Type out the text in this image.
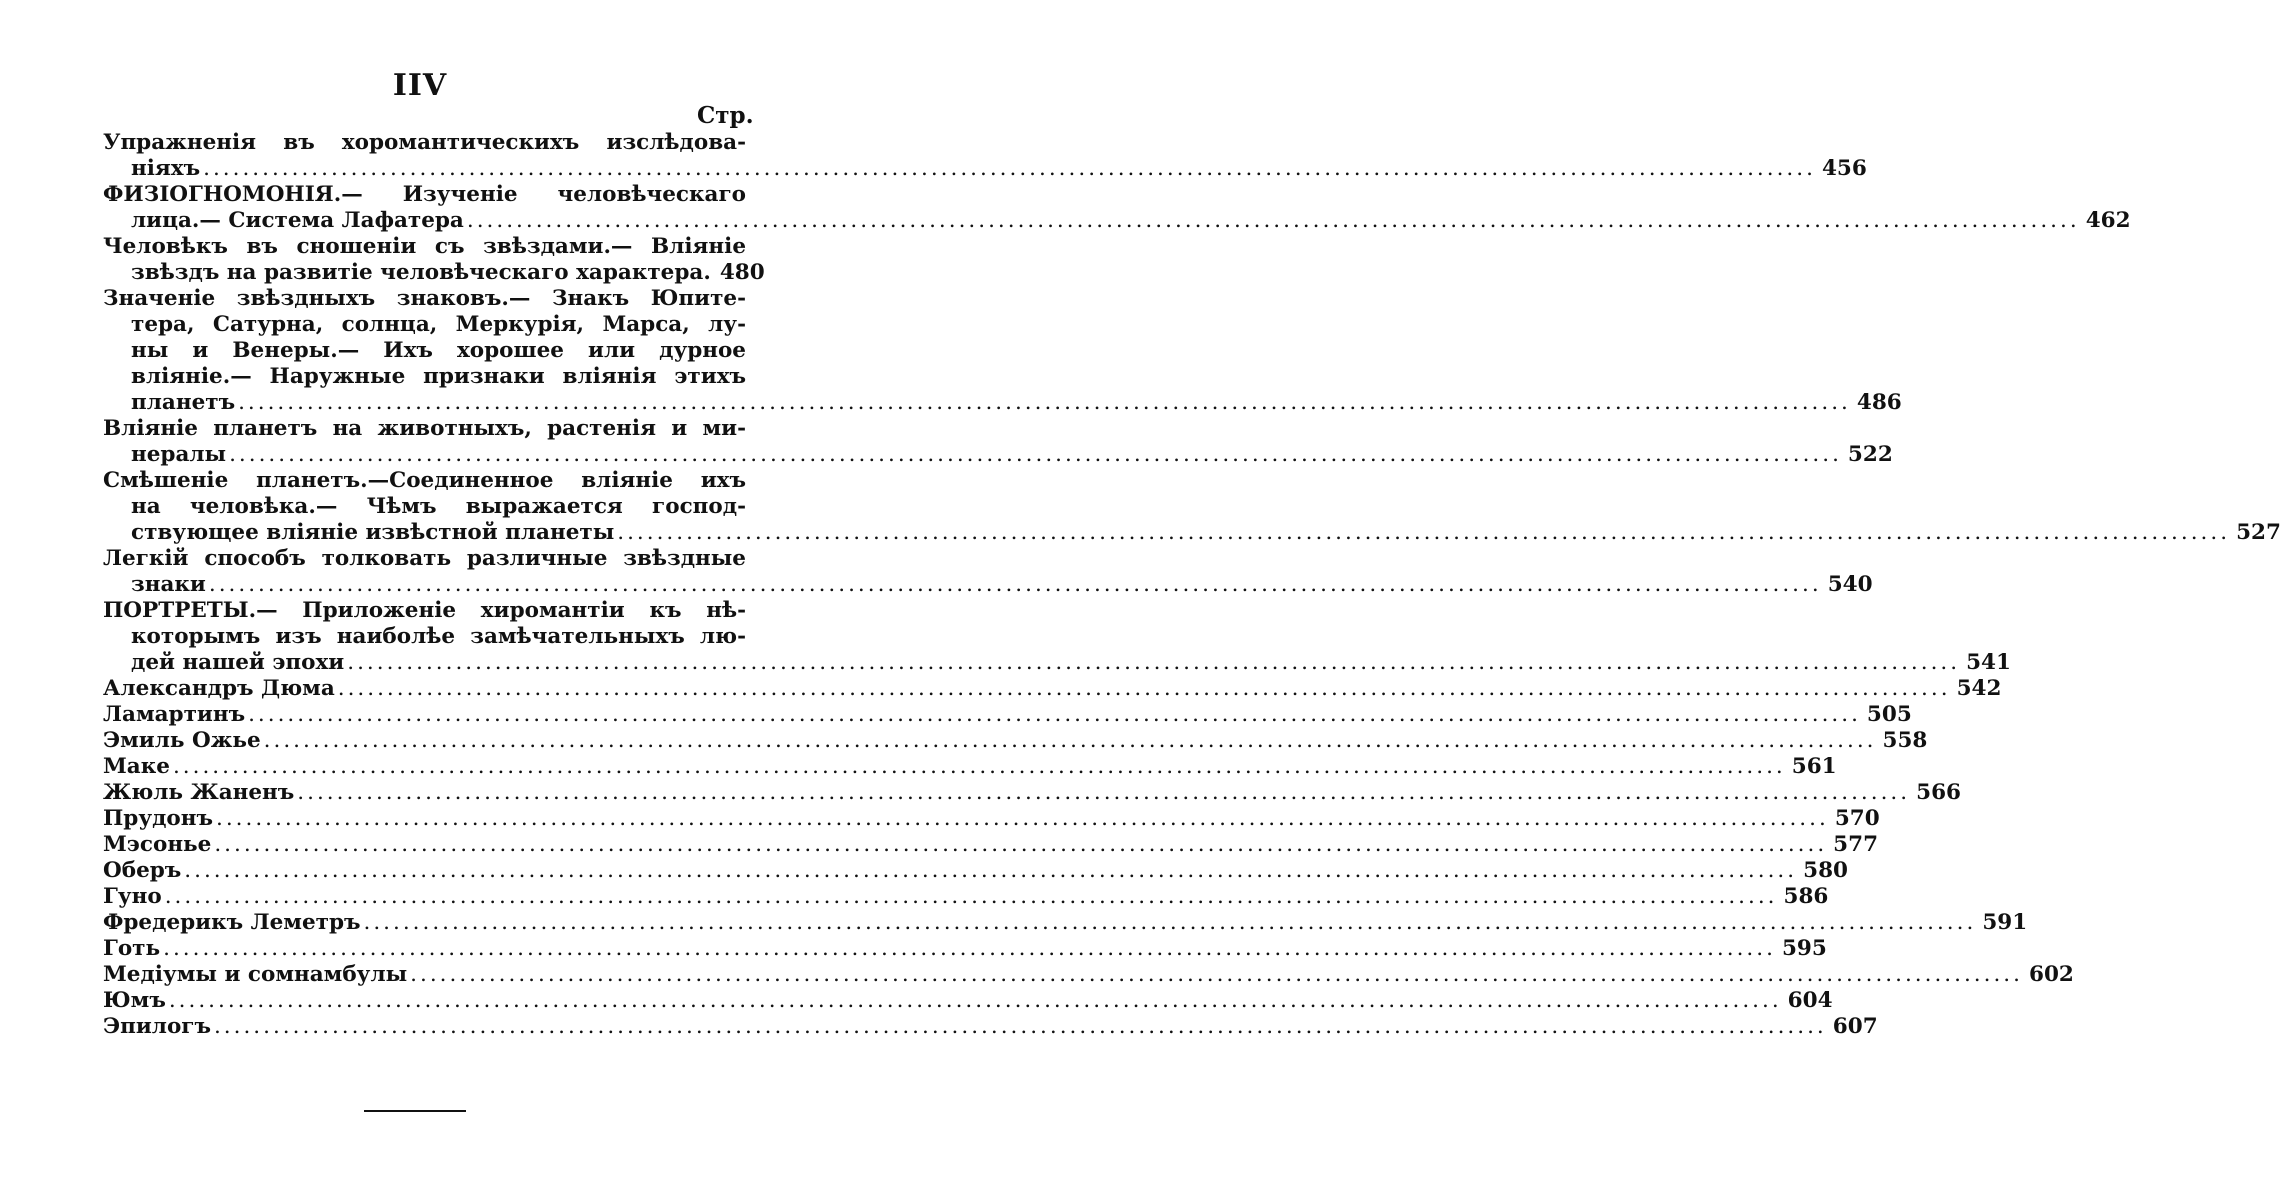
IIV
Стр.
Упражненія въ хоромантическихъ изслѣдова-
ніяхъ .....	456
ФИЗІОГНОМОНІЯ.— Изученіе человѣческаго
лица.— Система Лафатера .....	462
Человѣкъ въ сношеніи съ звѣздами.— Вліяніе
звѣздъ на развитіе человѣческаго характера. 480
Значеніе звѣздныхъ знаковъ.— Знакъ Юпите-
тера, Сатурна, солнца, Меркурія, Марса, лу-
ны и Венеры.— Ихъ хорошее или дурное
вліяніе.— Наружные признаки вліянія этихъ
планетъ .....	486
Вліяніе планетъ на животныхъ, растенія и ми-
нералы .....	522
Смѣшеніе планетъ.—Соединенное вліяніе ихъ
на человѣка.— Чѣмъ выражается господ-
ствующее вліяніе извѣстной планеты .....	527
Легкій способъ толковать различные звѣздные
знаки .....	540
ПОРТРЕТЫ.— Приложеніе хиромантіи къ нѣ-
которымъ изъ наиболѣе замѣчательныхъ лю-
дей нашей эпохи .....	541
Александръ Дюма .....	542
Ламартинъ .....	505
Эмиль Ожье .....	558
Маке .....	561
Жюль Жаненъ .....	566
Прудонъ .....	570
Мэсонье .....	577
Оберъ .....	580
Гуно .....	586
Фредерикъ Леметръ .....	591
Готь .....	595
Медіумы и сомнамбулы .....	602
Юмъ .....	604
Эпилогъ .....	607
